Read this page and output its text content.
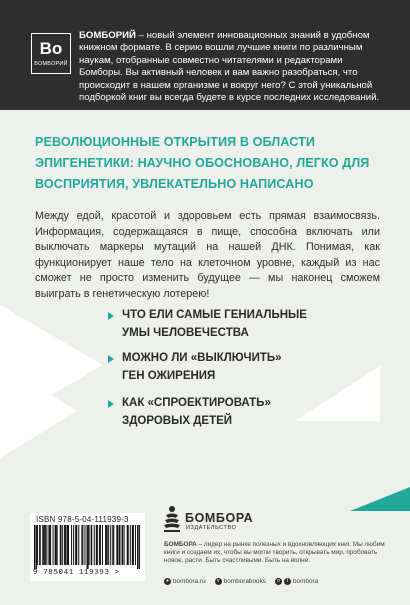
Bo
БОМБОРИЙ

БОМБОРИЙ – новый элемент инновационных знаний в удобном книжном формате. В серию вошли лучшие книги по различным наукам, отобранные совместно читателями и редакторами Бомборы. Вы активный человек и вам важно разобраться, что происходит в нашем организме и вокруг него? С этой уникальной подборкой книг вы всегда будете в курсе последних исследований.

РЕВОЛЮЦИОННЫЕ ОТКРЫТИЯ В ОБЛАСТИ ЭПИГЕНЕТИКИ: НАУЧНО ОБОСНОВАНО, ЛЕГКО ДЛЯ ВОСПРИЯТИЯ, УВЛЕКАТЕЛЬНО НАПИСАНО

Между едой, красотой и здоровьем есть прямая взаимосвязь. Информация, содержащаяся в пище, способна включать или выключать маркеры мутаций на нашей ДНК. Понимая, как функционирует наше тело на клеточном уровне, каждый из нас сможет не просто изменить будущее — мы наконец сможем выиграть в генетическую лотерею!

ЧТО ЕЛИ САМЫЕ ГЕНИАЛЬНЫЕ
УМЫ ЧЕЛОВЕЧЕСТВА
МОЖНО ЛИ «ВЫКЛЮЧИТЬ»
ГЕН ОЖИРЕНИЯ
КАК «СПРОЕКТИРОВАТЬ»
ЗДОРОВЫХ ДЕТЕЙ
ISBN 978-5-04-111939-3
9 785041 119393 >
БОМБОРА
ИЗДАТЕЛЬСТВО

БОМБОРА – лидер на рынке полезных и вдохновляющих книг. Мы любим книги и создаем их, чтобы вы могли творить, открывать мир, пробовать новое, расти. Быть счастливыми. Быть на волне.

● bombora.ru	v bomborabooks	o	t bombora
